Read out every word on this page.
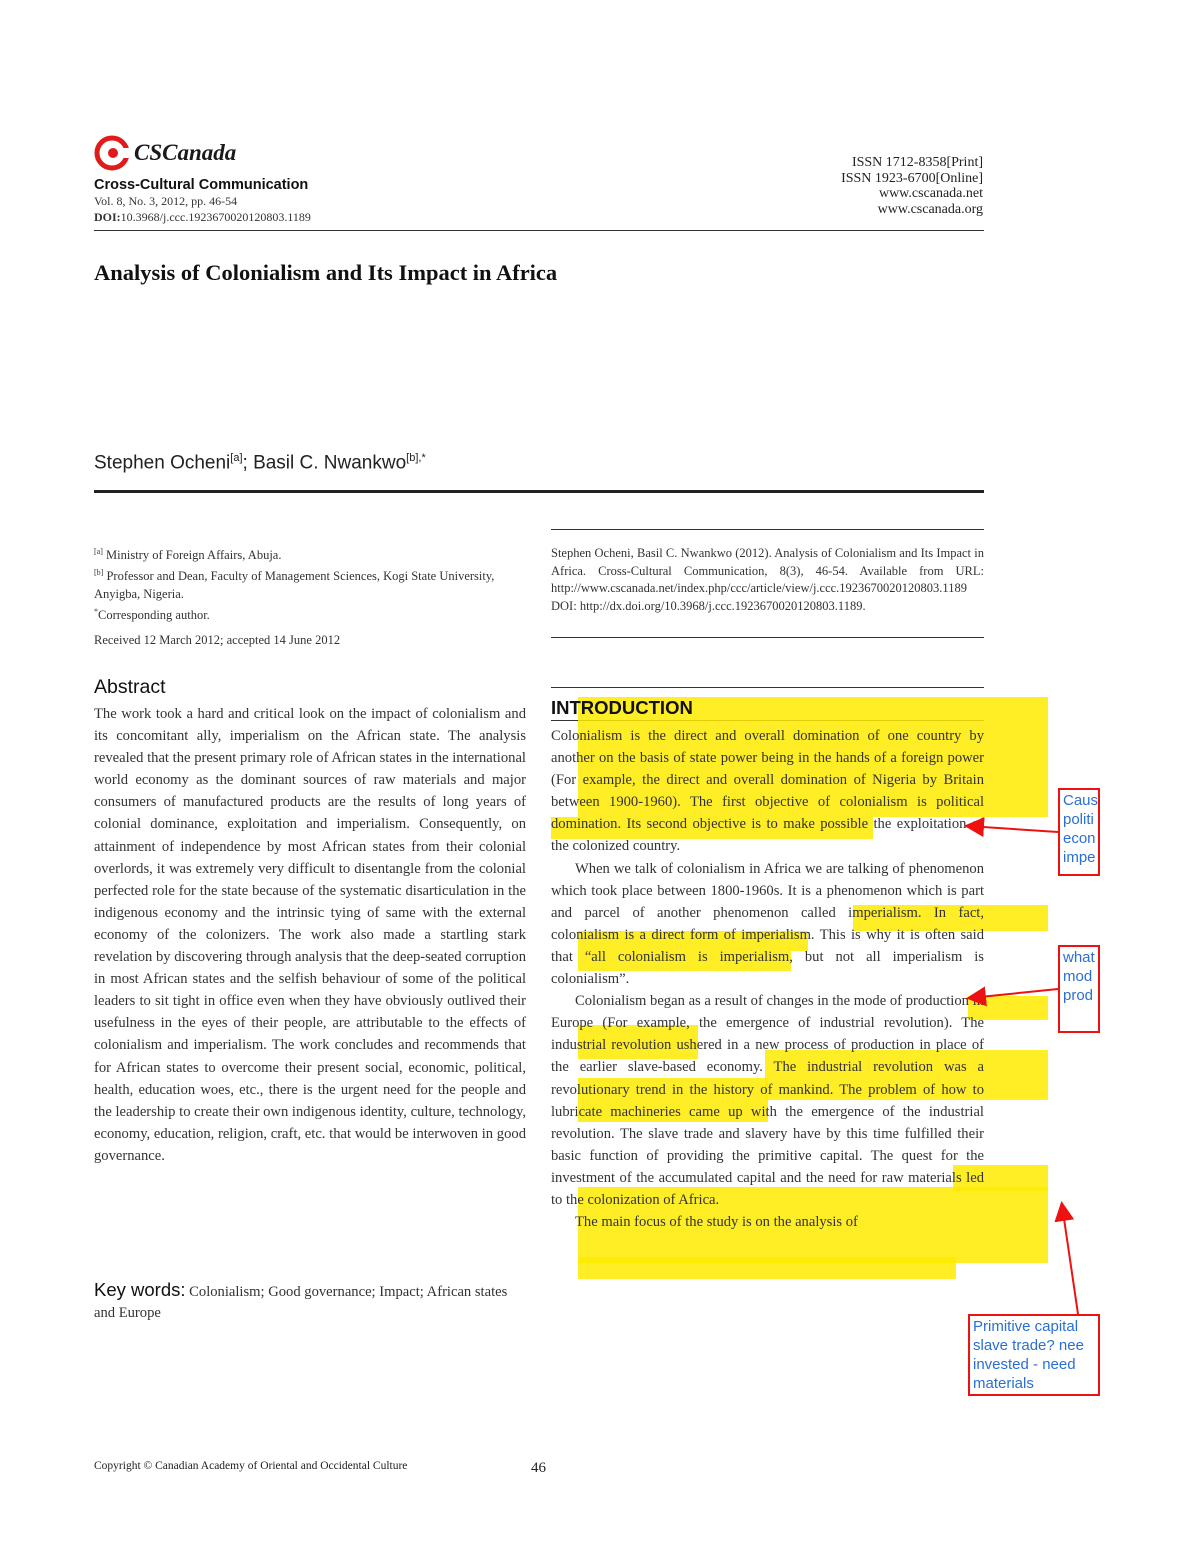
CSCanada
Cross-Cultural Communication
Vol. 8, No. 3, 2012, pp. 46-54
DOI:10.3968/j.ccc.1923670020120803.1189
ISSN 1712-8358[Print]
ISSN 1923-6700[Online]
www.cscanada.net
www.cscanada.org
Analysis of Colonialism and Its Impact in Africa
Stephen Ocheni[a]; Basil C. Nwankwo$^{[b],*}$
[a] Ministry of Foreign Affairs, Abuja.
[b] Professor and Dean, Faculty of Management Sciences, Kogi State University, Anyigba, Nigeria.
*Corresponding author.
Received 12 March 2012; accepted 14 June 2012
Stephen Ocheni, Basil C. Nwankwo (2012). Analysis of Colonialism and Its Impact in Africa. Cross-Cultural Communication, 8(3), 46-54. Available from URL: http://www.cscanada.net/index.php/ccc/article/view/j.ccc.1923670020120803.1189 DOI: http://dx.doi.org/10.3968/j.ccc.1923670020120803.1189.
Abstract
The work took a hard and critical look on the impact of colonialism and its concomitant ally, imperialism on the African state. The analysis revealed that the present primary role of African states in the international world economy as the dominant sources of raw materials and major consumers of manufactured products are the results of long years of colonial dominance, exploitation and imperialism. Consequently, on attainment of independence by most African states from their colonial overlords, it was extremely very difficult to disentangle from the colonial perfected role for the state because of the systematic disarticulation in the indigenous economy and the intrinsic tying of same with the external economy of the colonizers. The work also made a startling stark revelation by discovering through analysis that the deep-seated corruption in most African states and the selfish behaviour of some of the political leaders to sit tight in office even when they have obviously outlived their usefulness in the eyes of their people, are attributable to the effects of colonialism and imperialism. The work concludes and recommends that for African states to overcome their present social, economic, political, health, education woes, etc., there is the urgent need for the people and the leadership to create their own indigenous identity, culture, technology, economy, education, religion, craft, etc. that would be interwoven in good governance.
Key words: Colonialism; Good governance; Impact; African states and Europe
INTRODUCTION

Colonialism is the direct and overall domination of one country by another on the basis of state power being in the hands of a foreign power (For example, the direct and overall domination of Nigeria by Britain between 1900-1960). The first objective of colonialism is political domination. Its second objective is to make possible the exploitation of the colonized country.

When we talk of colonialism in Africa we are talking of phenomenon which took place between 1800-1960s. It is a phenomenon which is part and parcel of another phenomenon called imperialism. In fact, colonialism is a direct form of imperialism. This is why it is often said that “all colonialism is imperialism, but not all imperialism is colonialism”.

Colonialism began as a result of changes in the mode of production in Europe (For example, the emergence of industrial revolution). The industrial revolution ushered in a new process of production in place of the earlier slave-based economy. The industrial revolution was a revolutionary trend in the history of mankind. The problem of how to lubricate machineries came up with the emergence of the industrial revolution. The slave trade and slavery have by this time fulfilled their basic function of providing the primitive capital. The quest for the investment of the accumulated capital and the need for raw materials led to the colonization of Africa.

The main focus of the study is on the analysis of

Caus
politi
econ
impe
what
mod
prod
Primitive capital
slave trade? nee
invested - need
materials
Copyright © Canadian Academy of Oriental and Occidental Culture	46
